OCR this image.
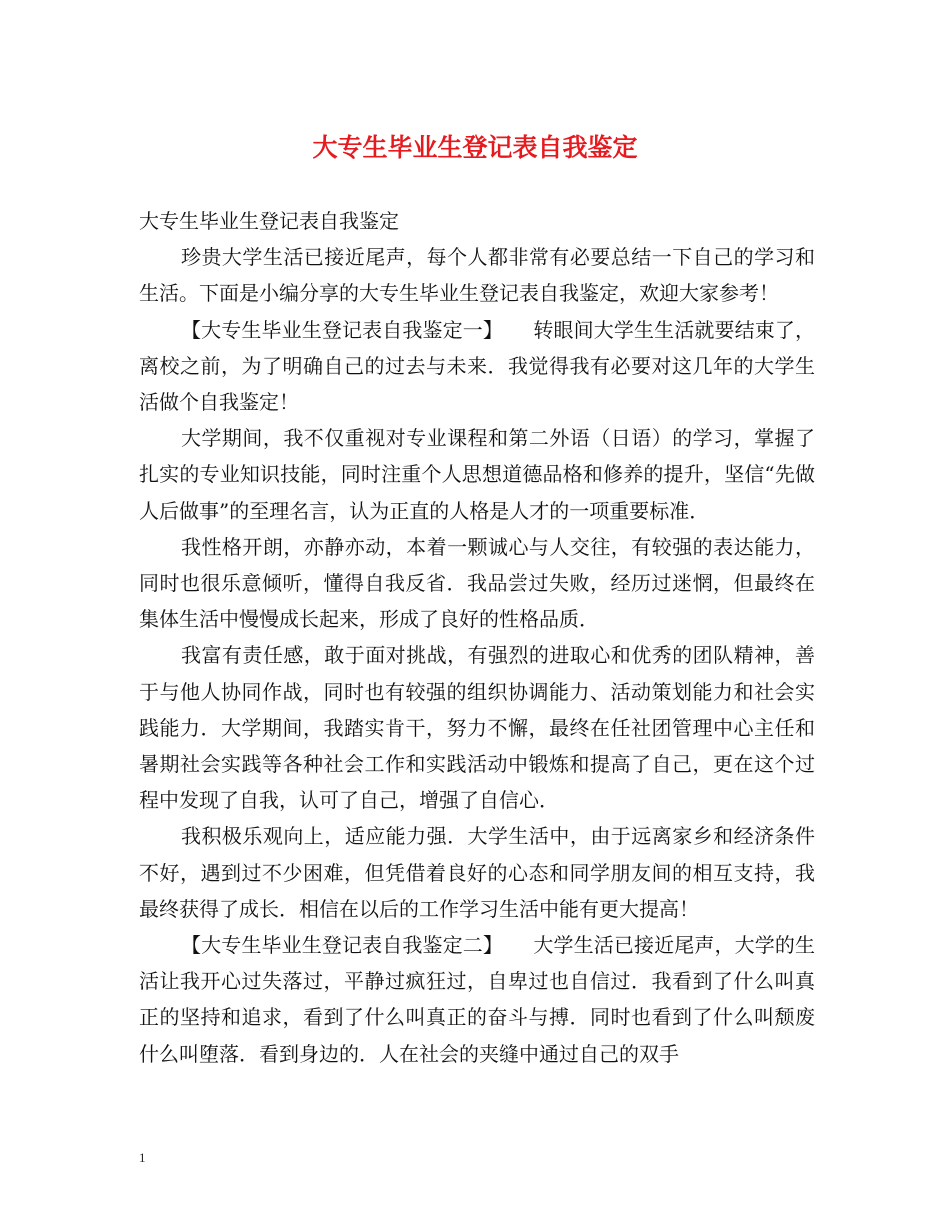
大专生毕业生登记表自我鉴定

大专生毕业生登记表自我鉴定

珍贵大学生活已接近尾声，每个人都非常有必要总结一下自己的学习和生活。下面是小编分享的大专生毕业生登记表自我鉴定，欢迎大家参考！

【大专生毕业生登记表自我鉴定一】　　转眼间大学生生活就要结束了，离校之前，为了明确自己的过去与未来．我觉得我有必要对这几年的大学生活做个自我鉴定！

大学期间，我不仅重视对专业课程和第二外语（日语）的学习，掌握了扎实的专业知识技能，同时注重个人思想道德品格和修养的提升，坚信“先做人后做事”的至理名言，认为正直的人格是人才的一项重要标准．

我性格开朗，亦静亦动，本着一颗诚心与人交往，有较强的表达能力，同时也很乐意倾听，懂得自我反省．我品尝过失败，经历过迷惘，但最终在集体生活中慢慢成长起来，形成了良好的性格品质．

我富有责任感，敢于面对挑战，有强烈的进取心和优秀的团队精神，善于与他人协同作战，同时也有较强的组织协调能力、活动策划能力和社会实践能力．大学期间，我踏实肯干，努力不懈，最终在任社团管理中心主任和暑期社会实践等各种社会工作和实践活动中锻炼和提高了自己，更在这个过程中发现了自我，认可了自己，增强了自信心．

我积极乐观向上，适应能力强．大学生活中，由于远离家乡和经济条件不好，遇到过不少困难，但凭借着良好的心态和同学朋友间的相互支持，我最终获得了成长．相信在以后的工作学习生活中能有更大提高！

【大专生毕业生登记表自我鉴定二】　　大学生活已接近尾声，大学的生活让我开心过失落过，平静过疯狂过，自卑过也自信过．我看到了什么叫真正的坚持和追求，看到了什么叫真正的奋斗与搏．同时也看到了什么叫颓废什么叫堕落．看到身边的．人在社会的夹缝中通过自己的双手

1
